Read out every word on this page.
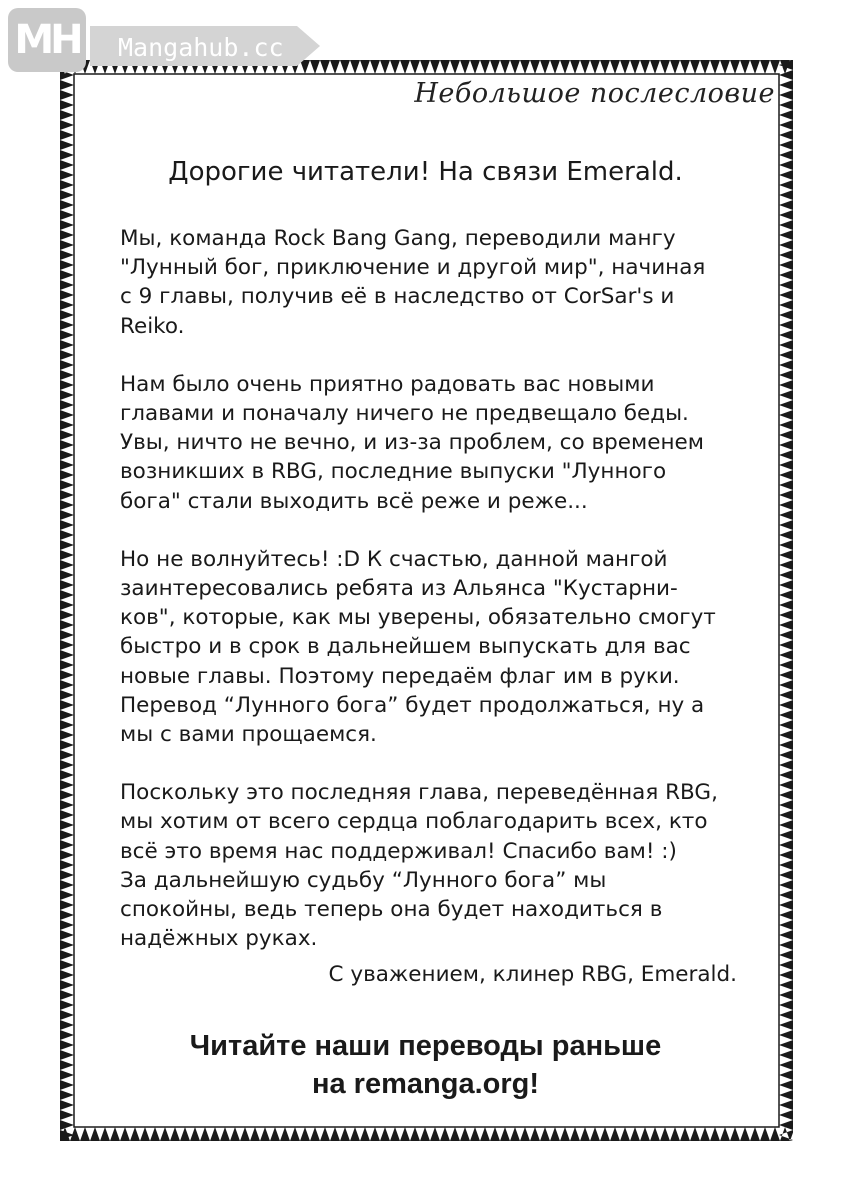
MH Mangahub.cc
Небольшое послесловие
Дорогие читатели! На связи Emerald.

Мы, команда Rock Bang Gang, переводили мангу
"Лунный бог, приключение и другой мир", начиная
с 9 главы, получив её в наследство от CorSar's и
Reiko.

Нам было очень приятно радовать вас новыми
главами и поначалу ничего не предвещало беды.
Увы, ничто не вечно, и из-за проблем, со временем
возникших в RBG, последние выпуски "Лунного
бога" стали выходить всё реже и реже...

Но не волнуйтесь! :D К счастью, данной мангой
заинтересовались ребята из Альянса "Кустарни-
ков", которые, как мы уверены, обязательно смогут
быстро и в срок в дальнейшем выпускать для вас
новые главы. Поэтому передаём флаг им в руки.
Перевод “Лунного бога” будет продолжаться, ну а
мы с вами прощаемся.

Поскольку это последняя глава, переведённая RBG,
мы хотим от всего сердца поблагодарить всех, кто
всё это время нас поддерживал! Спасибо вам! :)
За дальнейшую судьбу “Лунного бога” мы
спокойны, ведь теперь она будет находиться в
надёжных руках.

С уважением, клинер RBG, Emerald.
Читайте наши переводы раньше
на remanga.org!
